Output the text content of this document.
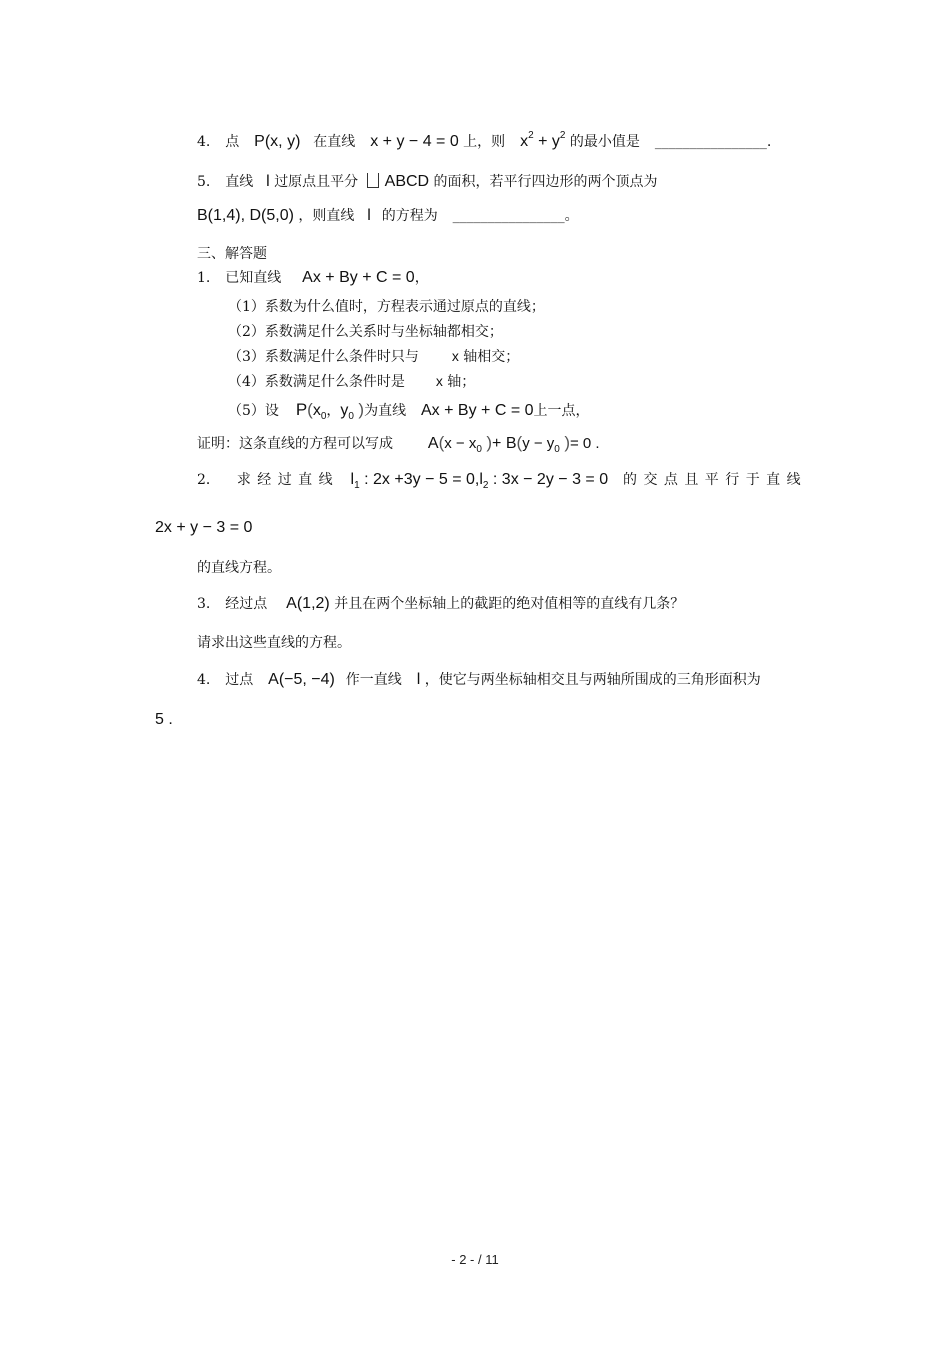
4. 点 P(x, y) 在直线 x + y − 4 = 0 上，则 $x^2 + y^2$ 的最小值是 ________________.
5. 直线 l 过原点且平分 ABCD 的面积，若平行四边形的两个顶点为
B(1,4), D(5,0) ，则直线 l 的方程为 ________________。
三、解答题
1. 已知直线 Ax + By + C = 0，
（1）系数为什么值时，方程表示通过原点的直线；
（2）系数满足什么关系时与坐标轴都相交；
（3）系数满足什么条件时只与 x 轴相交；
（4）系数满足什么条件时是 x 轴；
（5）设 $P(x_0$，$y_0$ )为直线 Ax + By + C = 0上一点，
证明：这条直线的方程可以写成 $A(x - x_0$ )+ $B(y - y_0$ )= 0 .
2． 求 经 过 直 线 $l_1$ : $2x +3y - 5 = 0,l_2$ : 3x − 2y − 3 = 0 的 交 点 且 平 行 于 直 线
2x + y − 3 = 0
的直线方程。
3. 经过点 A(1,2) 并且在两个坐标轴上的截距的绝对值相等的直线有几条？
请求出这些直线的方程。
4. 过点 A(−5, −4) 作一直线 l ，使它与两坐标轴相交且与两轴所围成的三角形面积为
5 .
- 2 - / 11
